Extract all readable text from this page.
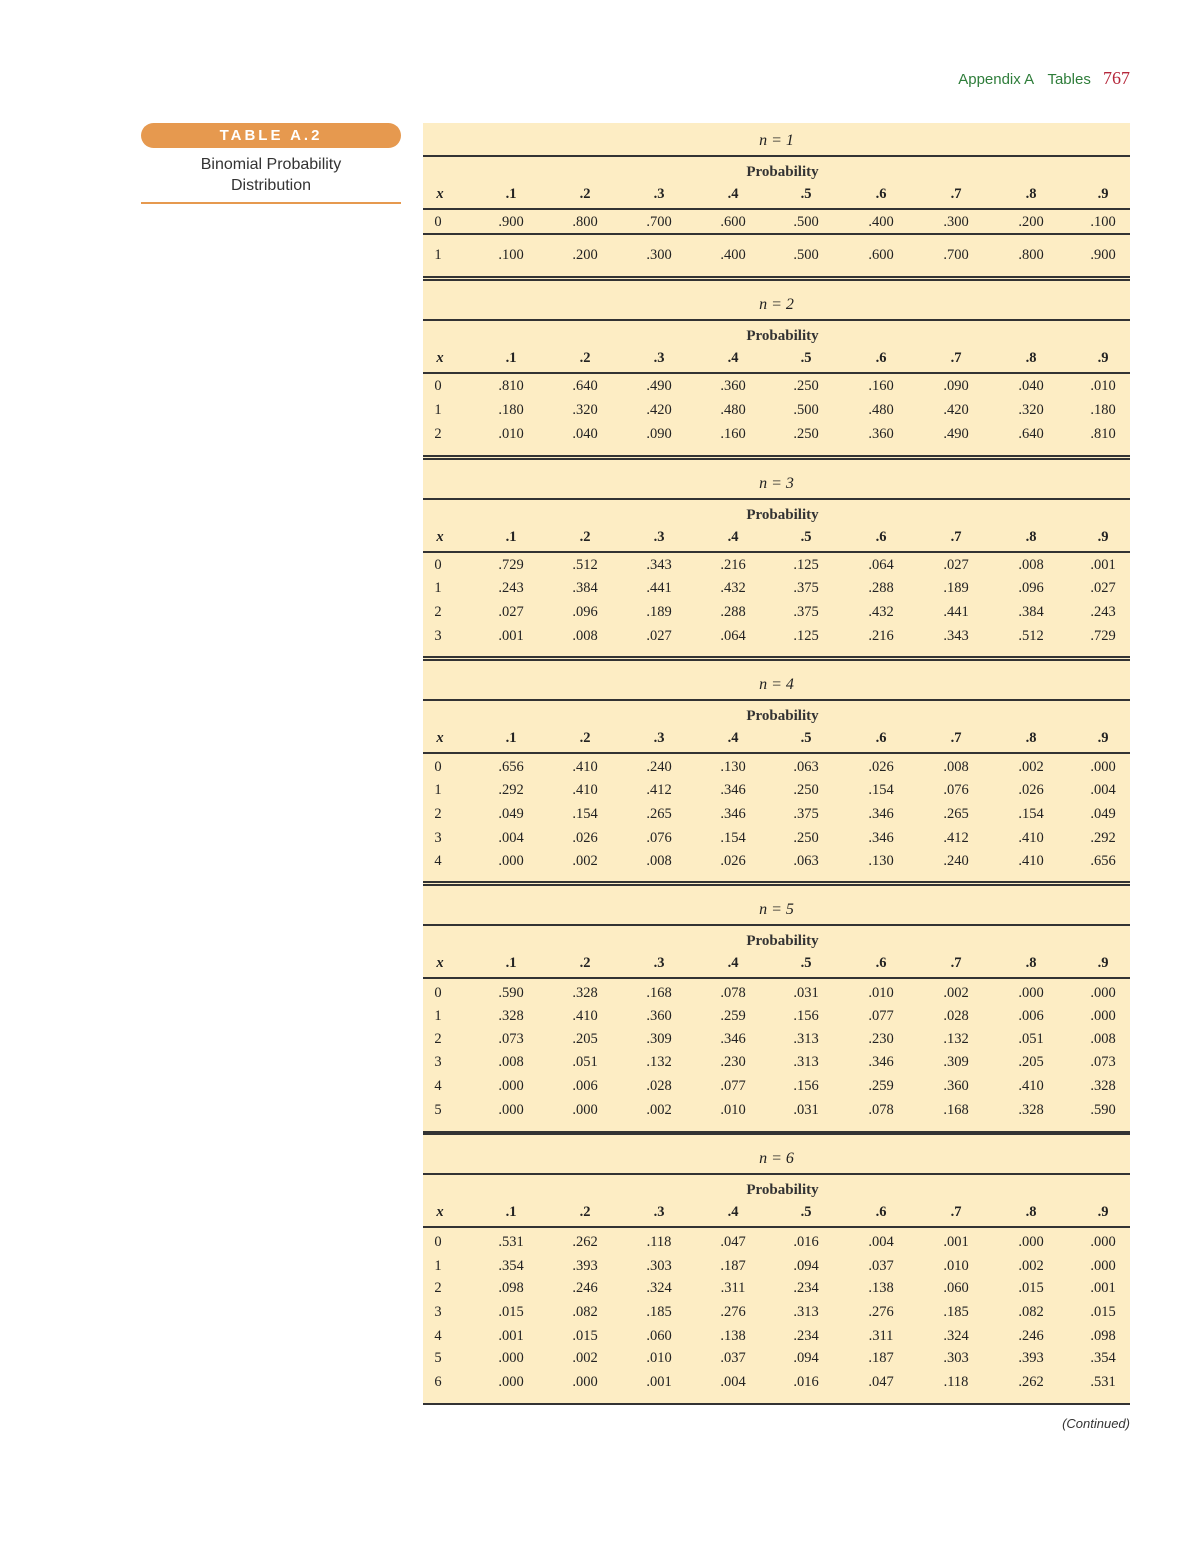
Appendix A Tables 767
TABLE A.2
Binomial Probability
Distribution
n = 1
Probability
x	.1	.2	.3	.4	.5	.6	.7	.8	.9
0	.900	.800	.700	.600	.500	.400	.300	.200	.100
1	.100	.200	.300	.400	.500	.600	.700	.800	.900
n = 2
Probability
x	.1	.2	.3	.4	.5	.6	.7	.8	.9
0	.810	.640	.490	.360	.250	.160	.090	.040	.010
1	.180	.320	.420	.480	.500	.480	.420	.320	.180
2	.010	.040	.090	.160	.250	.360	.490	.640	.810
n = 3
Probability
x	.1	.2	.3	.4	.5	.6	.7	.8	.9
0	.729	.512	.343	.216	.125	.064	.027	.008	.001
1	.243	.384	.441	.432	.375	.288	.189	.096	.027
2	.027	.096	.189	.288	.375	.432	.441	.384	.243
3	.001	.008	.027	.064	.125	.216	.343	.512	.729
n = 4
Probability
x	.1	.2	.3	.4	.5	.6	.7	.8	.9
0	.656	.410	.240	.130	.063	.026	.008	.002	.000
1	.292	.410	.412	.346	.250	.154	.076	.026	.004
2	.049	.154	.265	.346	.375	.346	.265	.154	.049
3	.004	.026	.076	.154	.250	.346	.412	.410	.292
4	.000	.002	.008	.026	.063	.130	.240	.410	.656
n = 5
Probability
x	.1	.2	.3	.4	.5	.6	.7	.8	.9
0	.590	.328	.168	.078	.031	.010	.002	.000	.000
1	.328	.410	.360	.259	.156	.077	.028	.006	.000
2	.073	.205	.309	.346	.313	.230	.132	.051	.008
3	.008	.051	.132	.230	.313	.346	.309	.205	.073
4	.000	.006	.028	.077	.156	.259	.360	.410	.328
5	.000	.000	.002	.010	.031	.078	.168	.328	.590
n = 6
Probability
x	.1	.2	.3	.4	.5	.6	.7	.8	.9
0	.531	.262	.118	.047	.016	.004	.001	.000	.000
1	.354	.393	.303	.187	.094	.037	.010	.002	.000
2	.098	.246	.324	.311	.234	.138	.060	.015	.001
3	.015	.082	.185	.276	.313	.276	.185	.082	.015
4	.001	.015	.060	.138	.234	.311	.324	.246	.098
5	.000	.002	.010	.037	.094	.187	.303	.393	.354
6	.000	.000	.001	.004	.016	.047	.118	.262	.531
(Continued)
